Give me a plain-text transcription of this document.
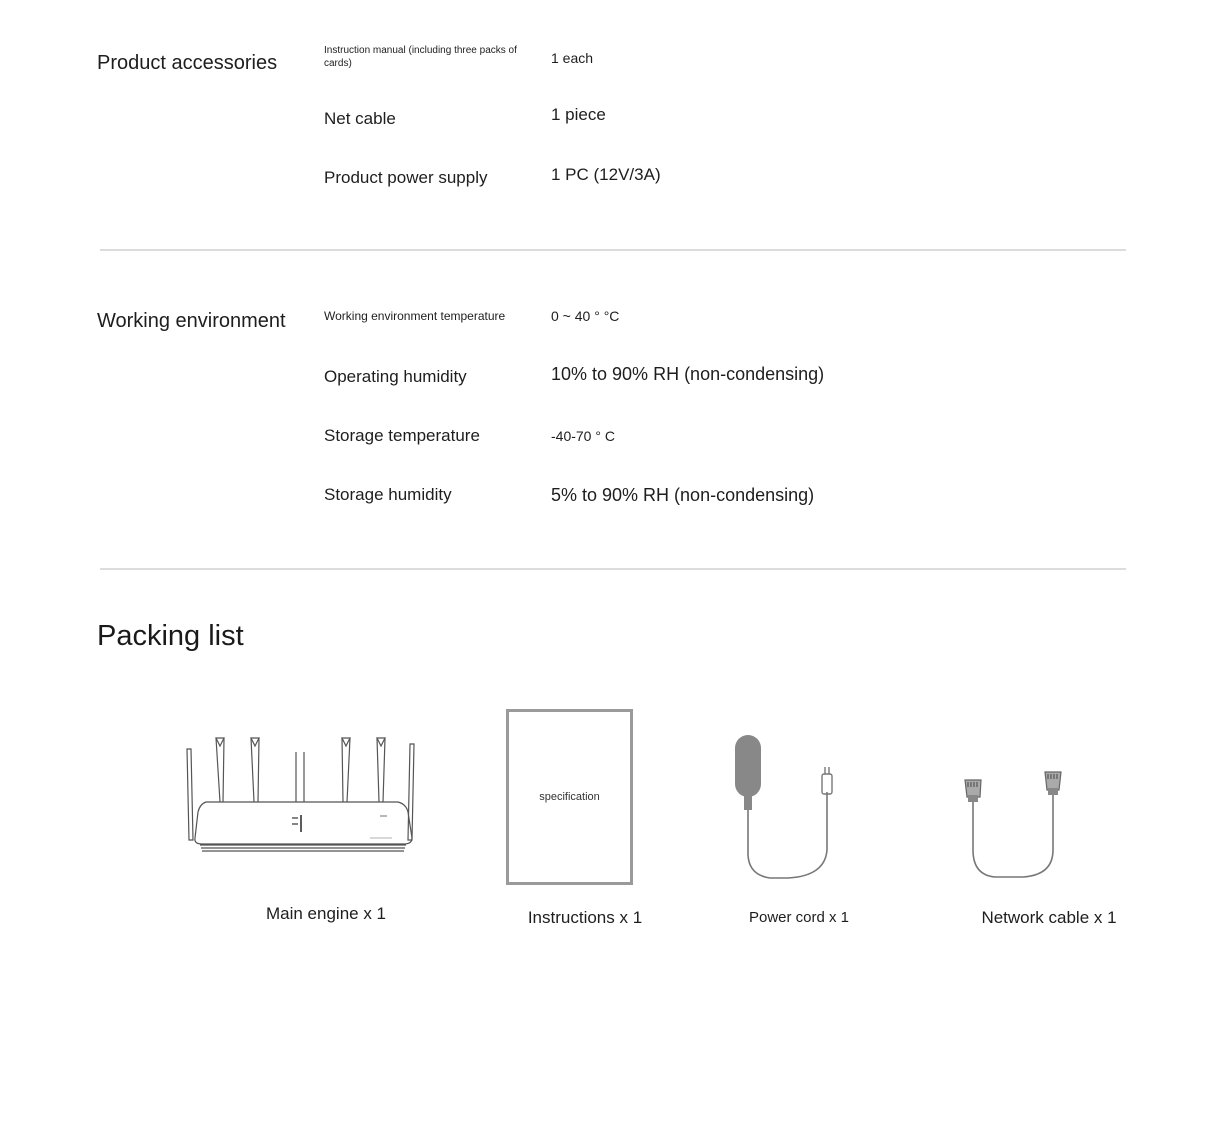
Product accessories
Instruction manual (including three packs of cards)	1 each
Net cable	1 piece
Product power supply	1 PC (12V/3A)
Working environment	Working environment temperature	0 ~ 40 ° °C
Operating humidity	10% to 90% RH (non-condensing)
Storage temperature	-40-70 ° C
Storage humidity	5% to 90% RH (non-condensing)
Packing list
specification
Main engine x 1	Instructions x 1	Power cord x 1	Network cable x 1
